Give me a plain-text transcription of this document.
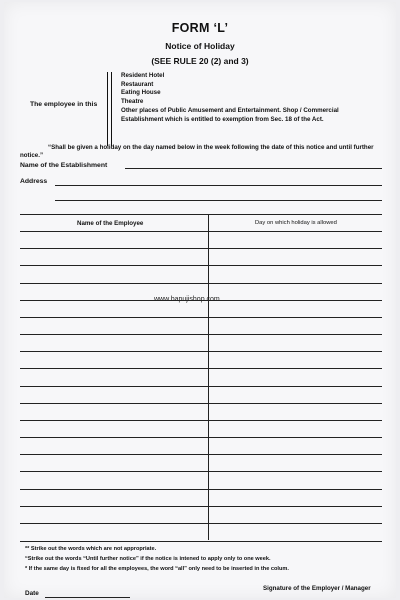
FORM ‘L’
Notice of Holiday
(SEE RULE 20 (2) and 3)
The employee in this
Resident Hotel
Restaurant
Eating House
Theatre
Other places of Public Amusement and Entertainment. Shop / Commercial
Establishment which is entitled to exemption from Sec. 18 of the Act.
“Shall be given a holiday on the day named below in the week following the date of this notice and until further
notice.”
Name of the Establishment
Address
Name of the Employee	Day on which holiday is allowed
www.bapujishop.com
** Strike out the words which are not appropriate.
“Strike out the words “Until further notice” if the notice is intened to apply only to one week.
* If the same day is fixed for all the employees, the word “all” only need to be inserted in the colum.
Date
Signature of the Employer / Manager
